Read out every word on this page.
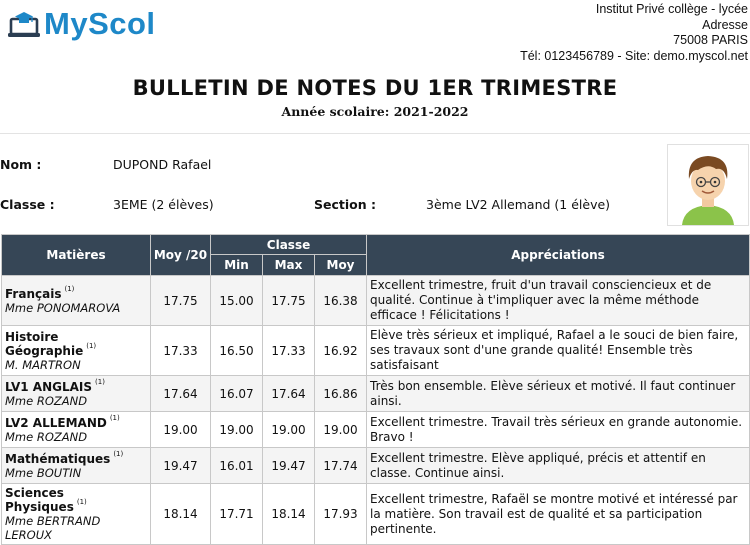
MyScol	Institut Privé collège - lycée
Adresse
75008 PARIS
Tél: 0123456789 - Site: demo.myscol.net
BULLETIN DE NOTES DU 1ER TRIMESTRE
Année scolaire: 2021-2022
Nom :	DUPOND Rafael
Classe :	3EME (2 élèves)	Section :	3ème LV2 Allemand (1 élève)
Matières	Moy /20	Classe			Appréciations
		Min	Max	Moy	
Français $^{(1)}$
Mme PONOMAROVA	17.75	15.00	17.75	16.38	Excellent trimestre, fruit d'un travail consciencieux et de qualité. Continue à t'impliquer avec la même méthode efficace ! Félicitations !
Histoire Géographie $^{(1)}$
M. MARTRON	17.33	16.50	17.33	16.92	Elève très sérieux et impliqué, Rafael a le souci de bien faire, ses travaux sont d'une grande qualité! Ensemble très satisfaisant
LV1 ANGLAIS $^{(1)}$
Mme ROZAND	17.64	16.07	17.64	16.86	Très bon ensemble. Elève sérieux et motivé. Il faut continuer ainsi.
LV2 ALLEMAND $^{(1)}$
Mme ROZAND	19.00	19.00	19.00	19.00	Excellent trimestre. Travail très sérieux en grande autonomie. Bravo !
Mathématiques $^{(1)}$
Mme BOUTIN	19.47	16.01	19.47	17.74	Excellent trimestre. Elève appliqué, précis et attentif en classe. Continue ainsi.
Sciences Physiques $^{(1)}$
Mme BERTRAND LEROUX	18.14	17.71	18.14	17.93	Excellent trimestre, Rafaël se montre motivé et intéressé par la matière. Son travail est de qualité et sa participation pertinente.
